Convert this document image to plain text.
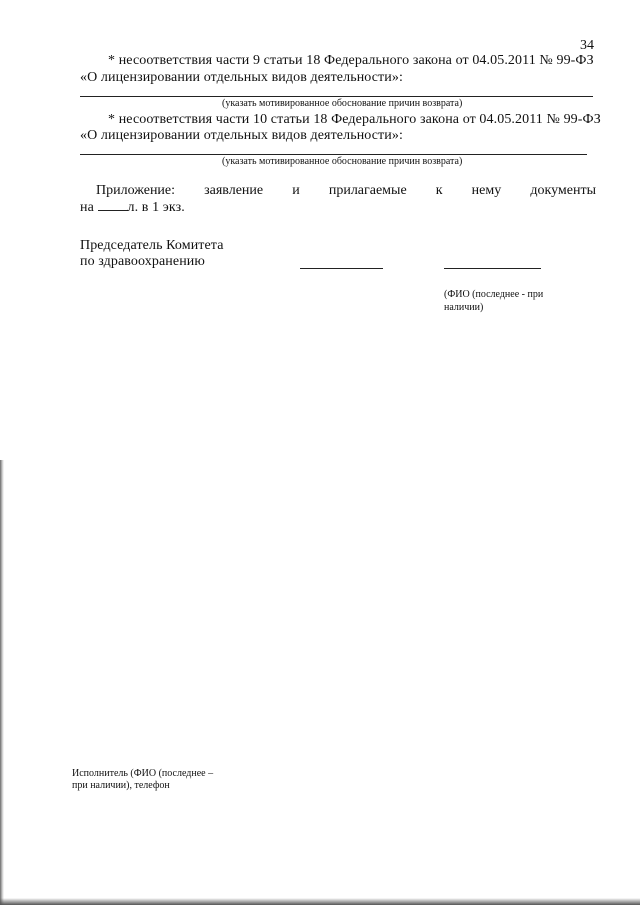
34
* несоответствия части 9 статьи 18 Федерального закона от 04.05.2011 № 99-ФЗ
«О лицензировании отдельных видов деятельности»:
(указать мотивированное обоснование причин возврата)
* несоответствия части 10 статьи 18 Федерального закона от 04.05.2011 № 99-ФЗ
«О лицензировании отдельных видов деятельности»:
(указать мотивированное обоснование причин возврата)
Приложение: заявление и прилагаемые к нему документы
на л. в 1 экз.
Председатель Комитета
по здравоохранению
(ФИО (последнее - при
наличии)
Исполнитель (ФИО (последнее –
при наличии), телефон
